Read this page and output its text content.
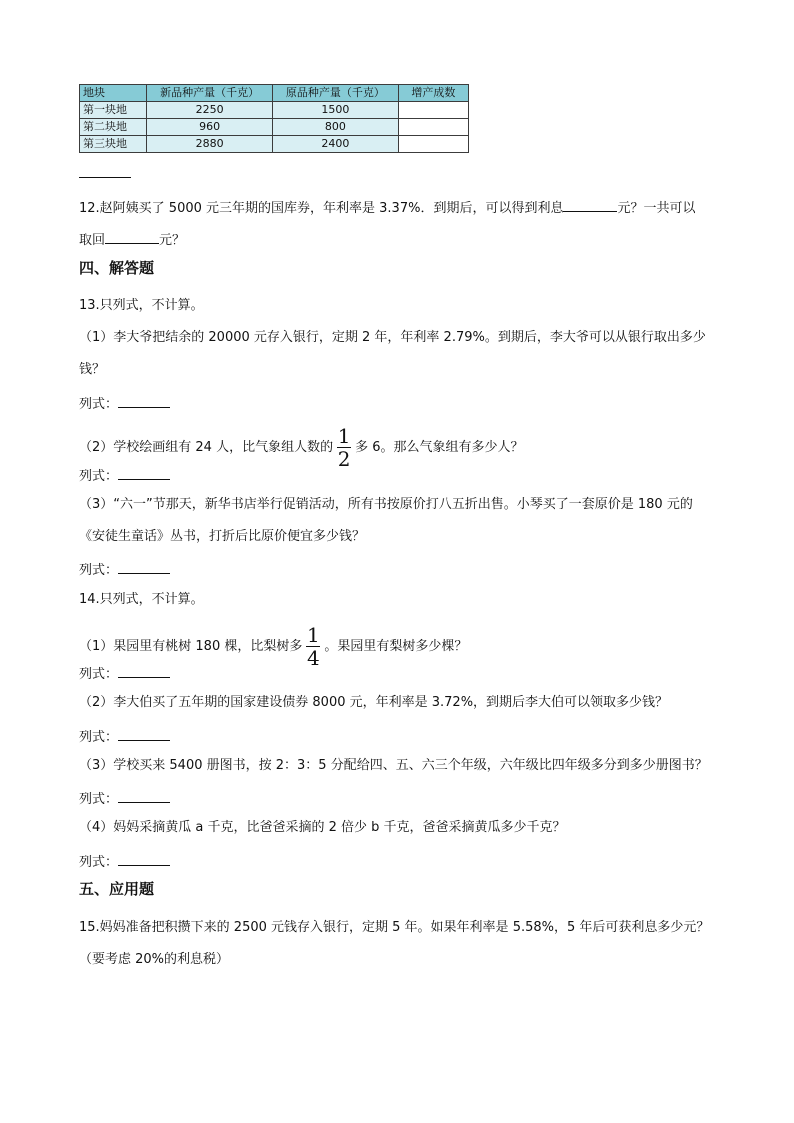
地块	新品种产量（千克）	原品种产量（千克）	增产成数
第一块地	2250	1500	
第二块地	960	800	
第三块地	2880	2400	
12.赵阿姨买了 5000 元三年期的国库券，年利率是 3.37%．到期后，可以得到利息	元？一共可以
取回	元？
四、解答题
13.只列式，不计算。
（1）李大爷把结余的 20000 元存入银行，定期 2 年，年利率 2.79%。到期后，李大爷可以从银行取出多少
钱？
列式：
（2）学校绘画组有 24 人，比气象组人数的 $\frac{1}{2}$ 多 6。那么气象组有多少人？
列式：
（3）“六一”节那天，新华书店举行促销活动，所有书按原价打八五折出售。小琴买了一套原价是 180 元的
《安徒生童话》丛书，打折后比原价便宜多少钱？
列式：
14.只列式，不计算。
（1）果园里有桃树 180 棵，比梨树多 $\frac{1}{4}$ 。果园里有梨树多少棵？
列式：
（2）李大伯买了五年期的国家建设债券 8000 元，年利率是 3.72%，到期后李大伯可以领取多少钱？
列式：
（3）学校买来 5400 册图书，按 2：3：5 分配给四、五、六三个年级，六年级比四年级多分到多少册图书？
列式：
（4）妈妈采摘黄瓜 a 千克，比爸爸采摘的 2 倍少 b 千克，爸爸采摘黄瓜多少千克？
列式：
五、应用题
15.妈妈准备把积攒下来的 2500 元钱存入银行，定期 5 年。如果年利率是 5.58%，5 年后可获利息多少元？
（要考虑 20%的利息税）
